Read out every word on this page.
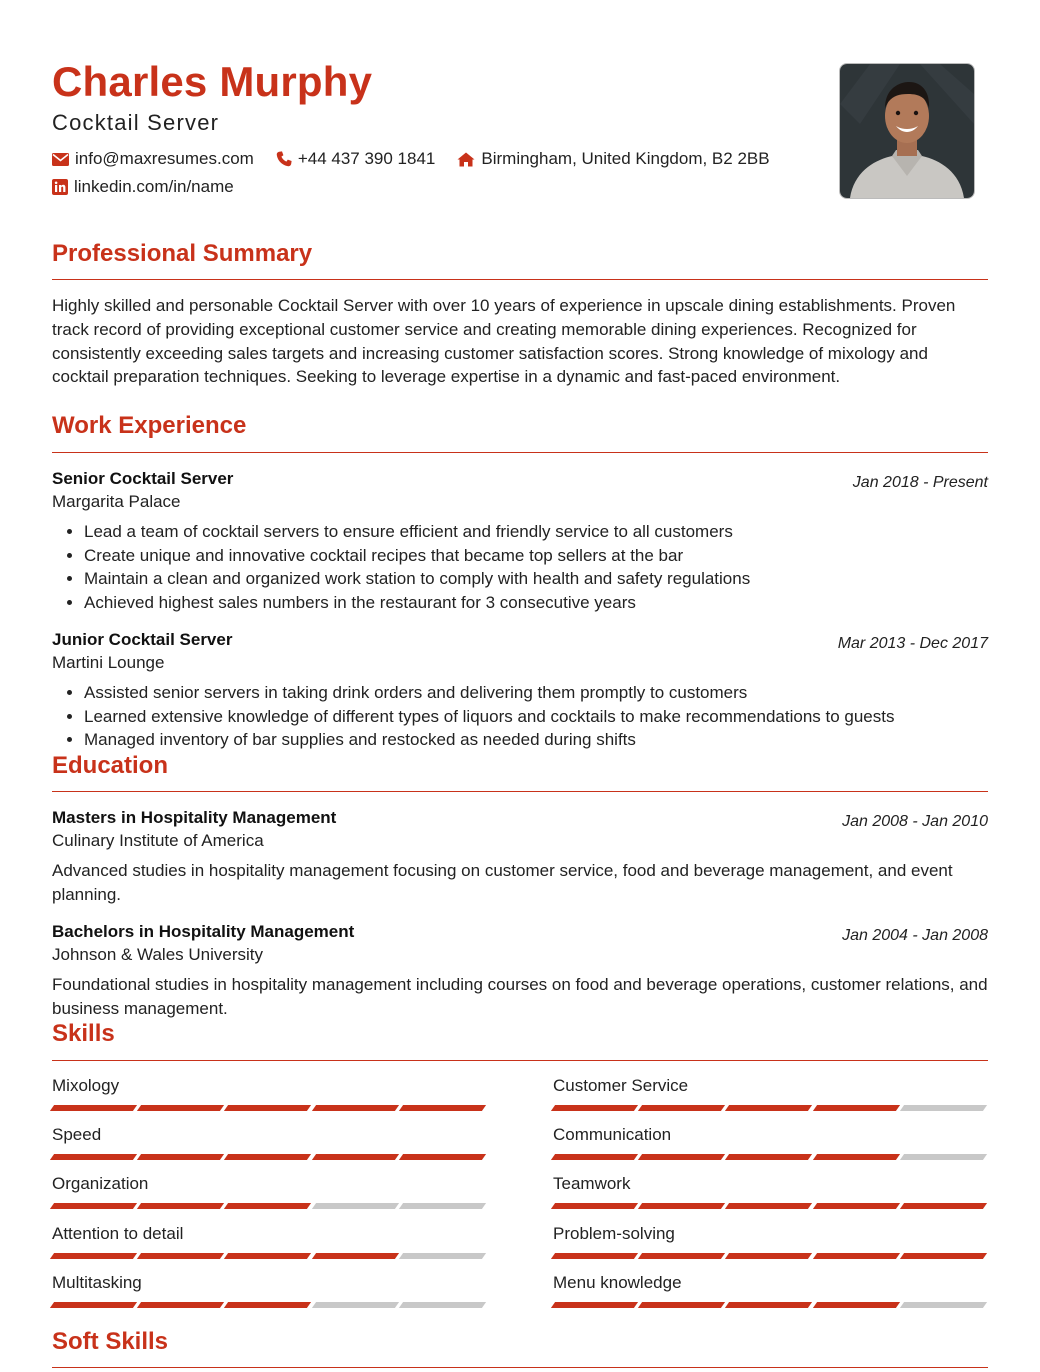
Charles Murphy
Cocktail Server
info@maxresumes.com	+44 437 390 1841	Birmingham, United Kingdom, B2 2BB
linkedin.com/in/name
Professional Summary

Highly skilled and personable Cocktail Server with over 10 years of experience in upscale dining establishments. Proven track record of providing exceptional customer service and creating memorable dining experiences. Recognized for consistently exceeding sales targets and increasing customer satisfaction scores. Strong knowledge of mixology and cocktail preparation techniques. Seeking to leverage expertise in a dynamic and fast-paced environment.

Work Experience
Senior Cocktail Server
Margarita Palace
Jan 2018 - Present
• Lead a team of cocktail servers to ensure efficient and friendly service to all customers
• Create unique and innovative cocktail recipes that became top sellers at the bar
• Maintain a clean and organized work station to comply with health and safety regulations
• Achieved highest sales numbers in the restaurant for 3 consecutive years
Junior Cocktail Server
Martini Lounge
Mar 2013 - Dec 2017
• Assisted senior servers in taking drink orders and delivering them promptly to customers
• Learned extensive knowledge of different types of liquors and cocktails to make recommendations to guests
• Managed inventory of bar supplies and restocked as needed during shifts
Education
Masters in Hospitality Management
Culinary Institute of America
Jan 2008 - Jan 2010

Advanced studies in hospitality management focusing on customer service, food and beverage management, and event planning.

Bachelors in Hospitality Management
Johnson & Wales University
Jan 2004 - Jan 2008

Foundational studies in hospitality management including courses on food and beverage operations, customer relations, and business management.

Skills
Mixology	Customer Service
Speed	Communication
Organization	Teamwork
Attention to detail	Problem-solving
Multitasking	Menu knowledge
Soft Skills
